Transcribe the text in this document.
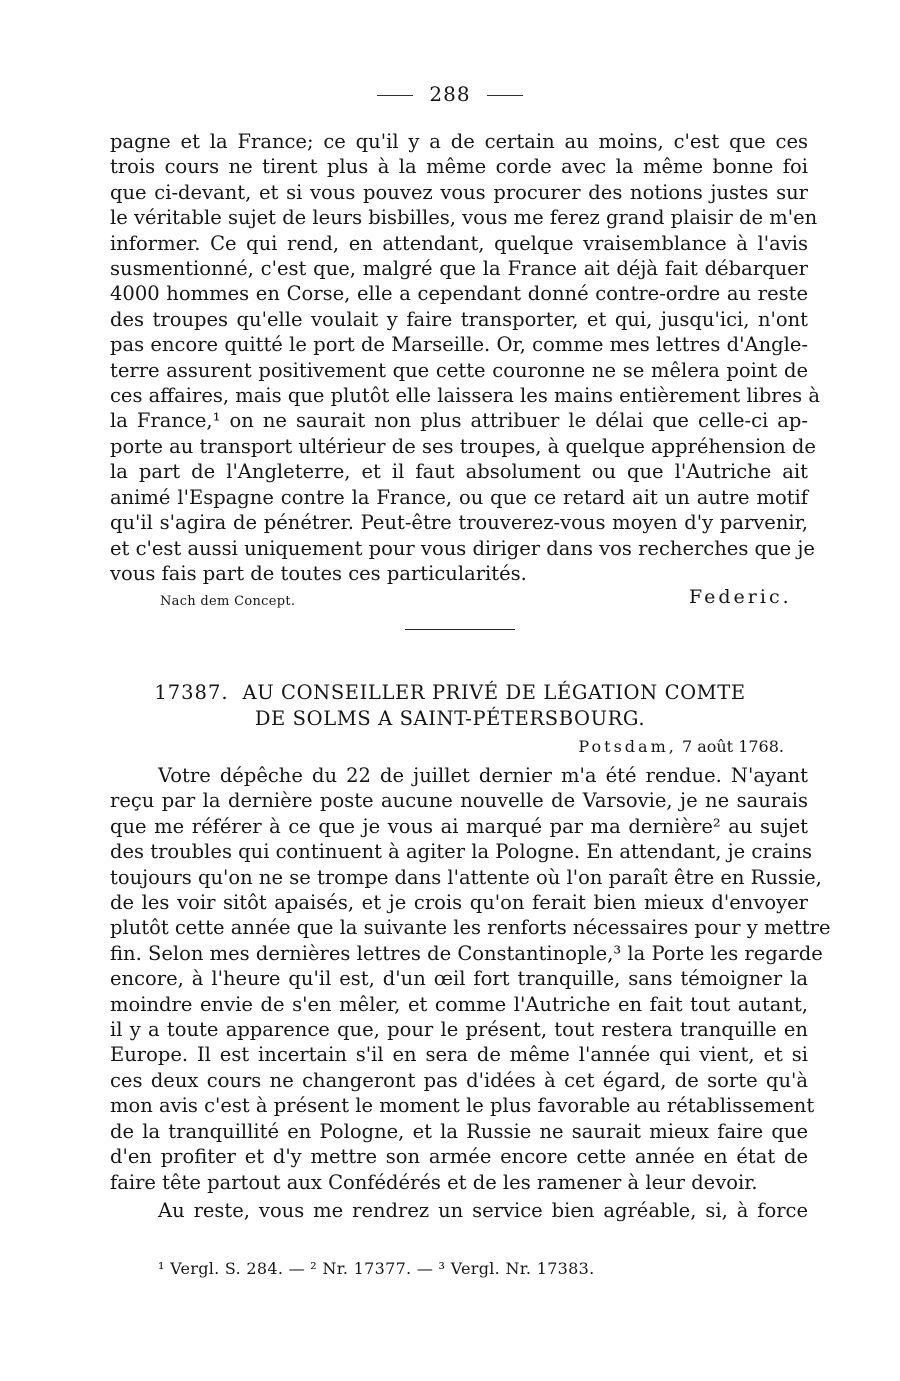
288
pagne et la France; ce qu'il y a de certain au moins, c'est que ces
trois cours ne tirent plus à la même corde avec la même bonne foi
que ci-devant, et si vous pouvez vous procurer des notions justes sur
le véritable sujet de leurs bisbilles, vous me ferez grand plaisir de m'en
informer. Ce qui rend, en attendant, quelque vraisemblance à l'avis
susmentionné, c'est que, malgré que la France ait déjà fait débarquer
4000 hommes en Corse, elle a cependant donné contre-ordre au reste
des troupes qu'elle voulait y faire transporter, et qui, jusqu'ici, n'ont
pas encore quitté le port de Marseille. Or, comme mes lettres d'Angle-
terre assurent positivement que cette couronne ne se mêlera point de
ces affaires, mais que plutôt elle laissera les mains entièrement libres à
la France,¹ on ne saurait non plus attribuer le délai que celle-ci ap-
porte au transport ultérieur de ses troupes, à quelque appréhension de
la part de l'Angleterre, et il faut absolument ou que l'Autriche ait
animé l'Espagne contre la France, ou que ce retard ait un autre motif
qu'il s'agira de pénétrer. Peut-être trouverez-vous moyen d'y parvenir,
et c'est aussi uniquement pour vous diriger dans vos recherches que je
vous fais part de toutes ces particularités.
Nach dem Concept.	Federic.
17387. AU CONSEILLER PRIVÉ DE LÉGATION COMTE
DE SOLMS A SAINT-PÉTERSBOURG.
Potsdam, 7 août 1768.
Votre dépêche du 22 de juillet dernier m'a été rendue. N'ayant
reçu par la dernière poste aucune nouvelle de Varsovie, je ne saurais
que me référer à ce que je vous ai marqué par ma dernière² au sujet
des troubles qui continuent à agiter la Pologne. En attendant, je crains
toujours qu'on ne se trompe dans l'attente où l'on paraît être en Russie,
de les voir sitôt apaisés, et je crois qu'on ferait bien mieux d'envoyer
plutôt cette année que la suivante les renforts nécessaires pour y mettre
fin. Selon mes dernières lettres de Constantinople,³ la Porte les regarde
encore, à l'heure qu'il est, d'un œil fort tranquille, sans témoigner la
moindre envie de s'en mêler, et comme l'Autriche en fait tout autant,
il y a toute apparence que, pour le présent, tout restera tranquille en
Europe. Il est incertain s'il en sera de même l'année qui vient, et si
ces deux cours ne changeront pas d'idées à cet égard, de sorte qu'à
mon avis c'est à présent le moment le plus favorable au rétablissement
de la tranquillité en Pologne, et la Russie ne saurait mieux faire que
d'en profiter et d'y mettre son armée encore cette année en état de
faire tête partout aux Confédérés et de les ramener à leur devoir.
Au reste, vous me rendrez un service bien agréable, si, à force
¹ Vergl. S. 284. — ² Nr. 17377. — ³ Vergl. Nr. 17383.
